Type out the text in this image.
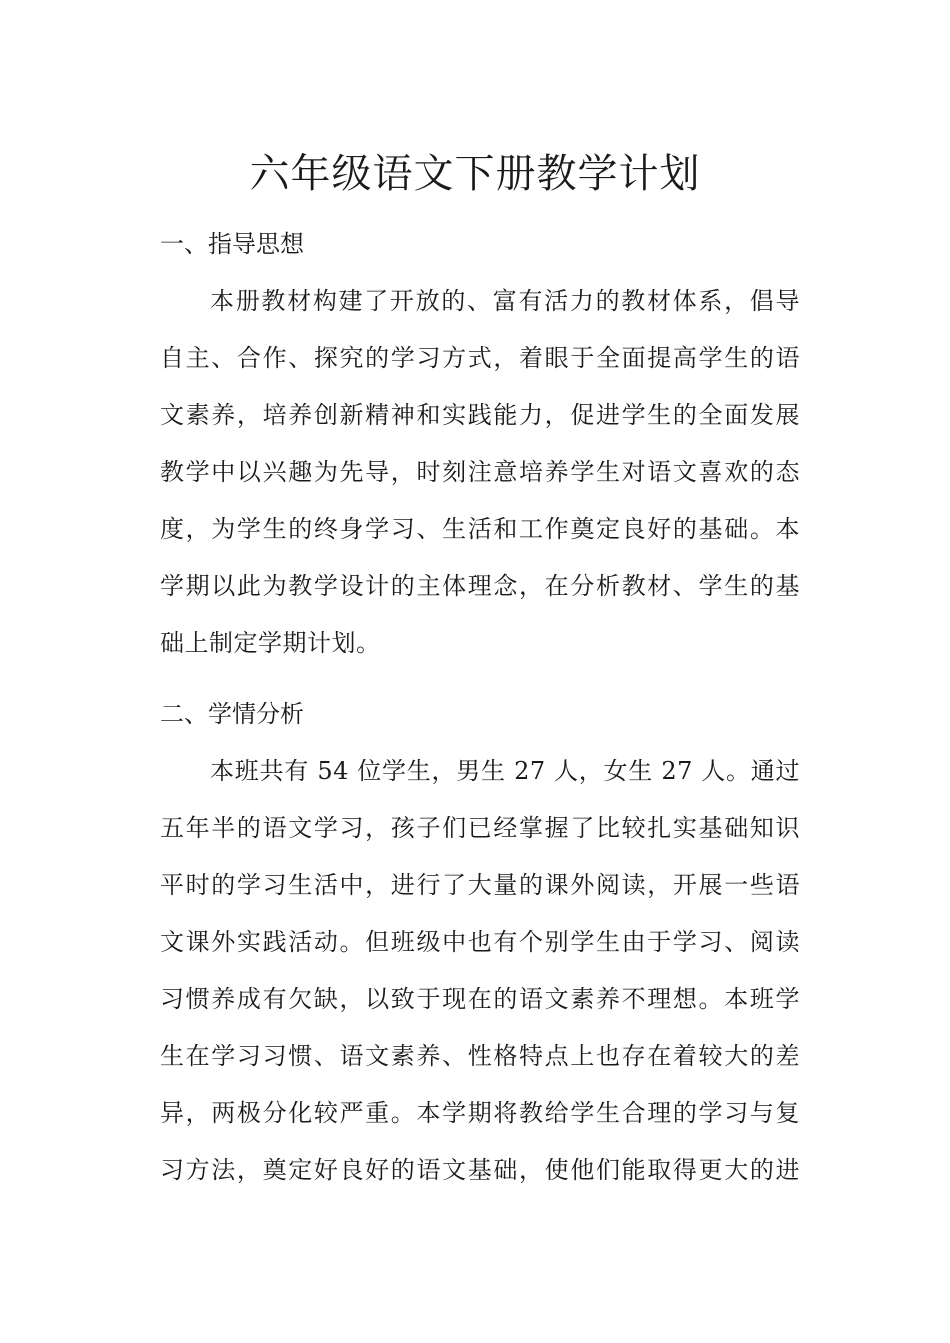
六年级语文下册教学计划
一、指导思想

本册教材构建了开放的、富有活力的教材体系，倡导

自主、合作、探究的学习方式，着眼于全面提高学生的语

文素养，培养创新精神和实践能力，促进学生的全面发展

教学中以兴趣为先导，时刻注意培养学生对语文喜欢的态

度，为学生的终身学习、生活和工作奠定良好的基础。本

学期以此为教学设计的主体理念，在分析教材、学生的基

础上制定学期计划。

二、学情分析

本班共有 54 位学生，男生 27 人，女生 27 人。通过

五年半的语文学习，孩子们已经掌握了比较扎实基础知识

平时的学习生活中，进行了大量的课外阅读，开展一些语

文课外实践活动。但班级中也有个别学生由于学习、阅读

习惯养成有欠缺，以致于现在的语文素养不理想。本班学

生在学习习惯、语文素养、性格特点上也存在着较大的差

异，两极分化较严重。本学期将教给学生合理的学习与复

习方法，奠定好良好的语文基础，使他们能取得更大的进
